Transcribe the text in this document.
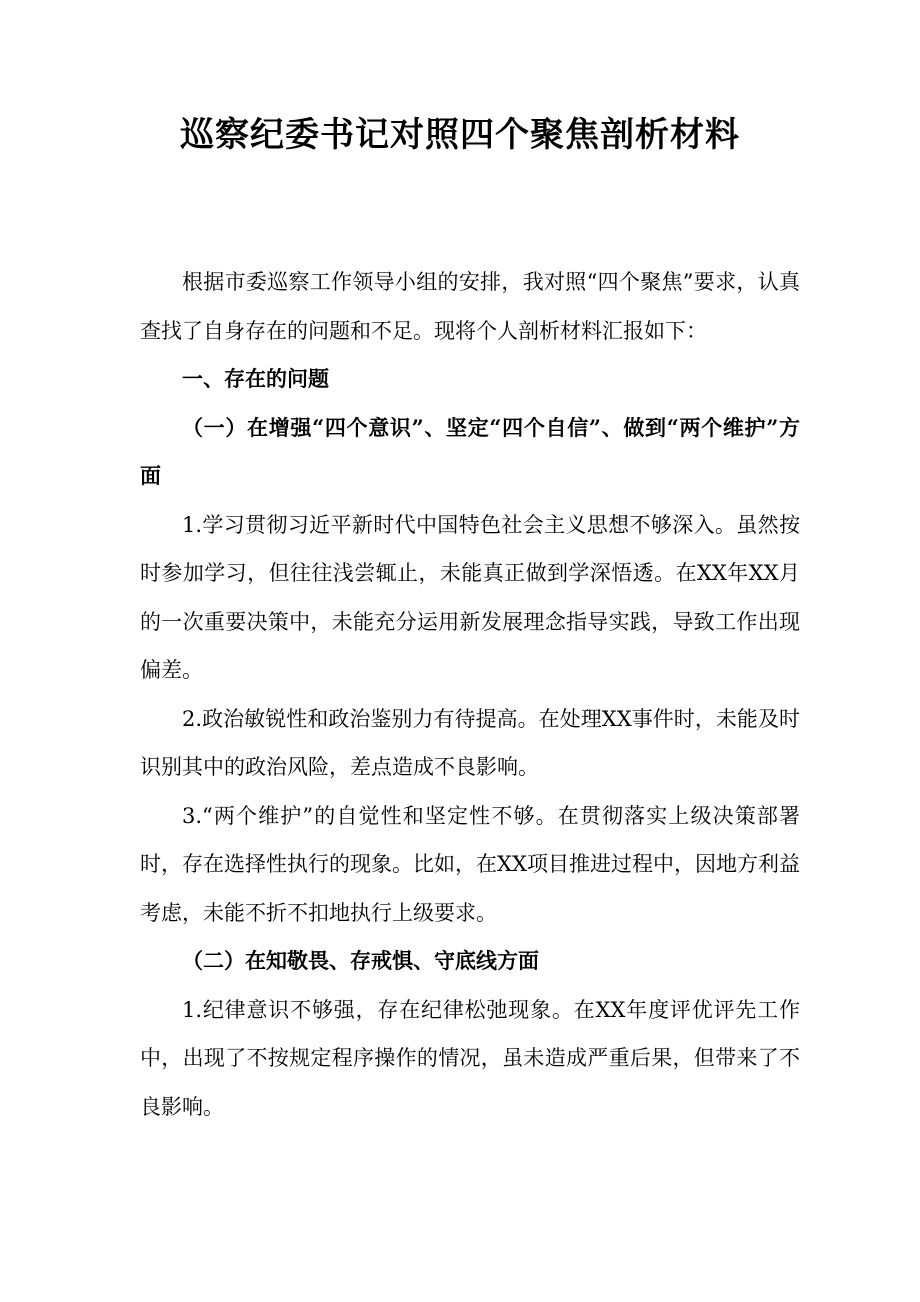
巡察纪委书记对照四个聚焦剖析材料

根据市委巡察工作领导小组的安排，我对照“四个聚焦”要求，认真查找了自身存在的问题和不足。现将个人剖析材料汇报如下：

一、存在的问题

（一）在增强“四个意识”、坚定“四个自信”、做到“两个维护”方面

1.学习贯彻习近平新时代中国特色社会主义思想不够深入。虽然按时参加学习，但往往浅尝辄止，未能真正做到学深悟透。在XX年XX月的一次重要决策中，未能充分运用新发展理念指导实践，导致工作出现偏差。

2.政治敏锐性和政治鉴别力有待提高。在处理XX事件时，未能及时识别其中的政治风险，差点造成不良影响。

3.“两个维护”的自觉性和坚定性不够。在贯彻落实上级决策部署时，存在选择性执行的现象。比如，在XX项目推进过程中，因地方利益考虑，未能不折不扣地执行上级要求。

（二）在知敬畏、存戒惧、守底线方面

1.纪律意识不够强，存在纪律松弛现象。在XX年度评优评先工作中，出现了不按规定程序操作的情况，虽未造成严重后果，但带来了不良影响。
